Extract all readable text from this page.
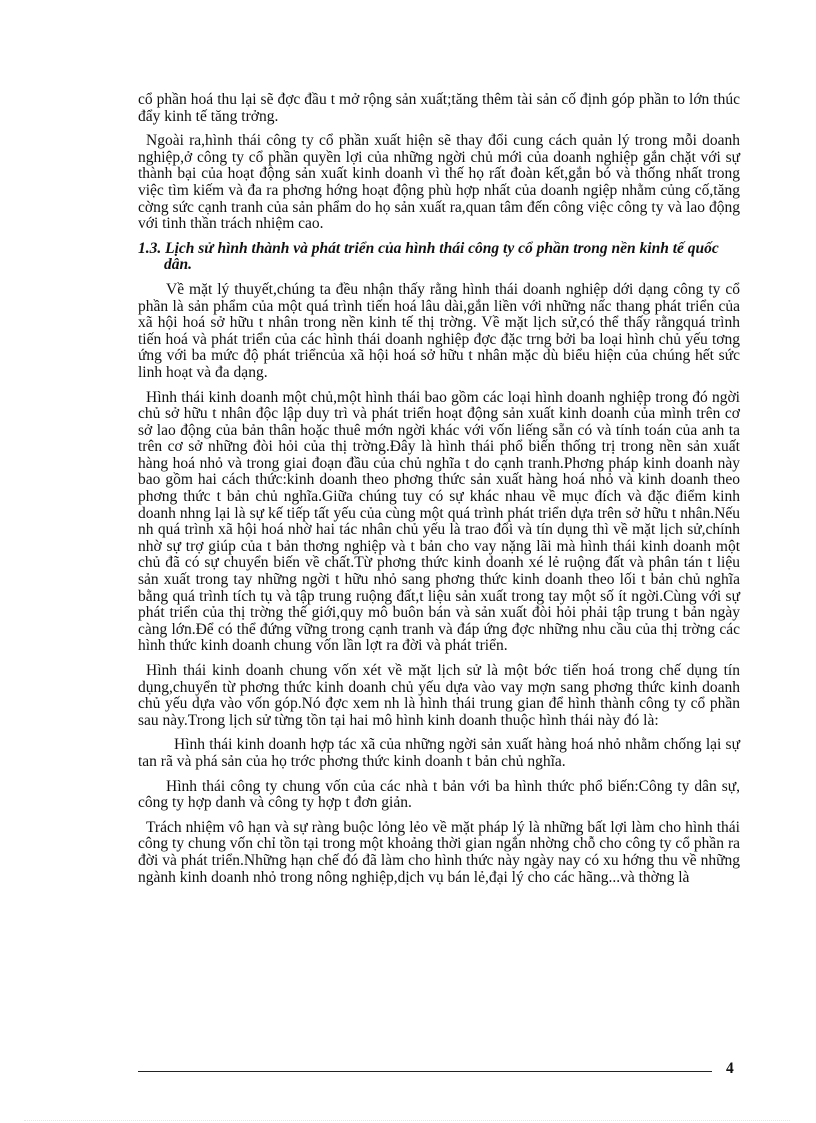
cổ phần hoá thu lại sẽ đợc đầu t mở rộng sản xuất;tăng thêm tài sản cố định góp phần to lớn thúc đẩy kinh tế tăng trởng.

Ngoài ra,hình thái công ty cổ phần xuất hiện sẽ thay đổi cung cách quản lý trong mỗi doanh nghiệp,ở công ty cổ phần quyền lợi của những ngời chủ mới của doanh nghiệp gắn chặt với sự thành bại của hoạt động sản xuất kinh doanh vì thế họ rất đoàn kết,gắn bó và thống nhất trong việc tìm kiếm và đa ra phơng hớng hoạt động phù hợp nhất của doanh ngiệp nhằm củng cố,tăng cờng sức cạnh tranh của sản phẩm do họ sản xuất ra,quan tâm đến công việc công ty và lao động với tinh thần trách nhiệm cao.

1.3. Lịch sử hình thành và phát triển của hình thái công ty cổ phần trong nền kinh tế quốc dân.

Về mặt lý thuyết,chúng ta đều nhận thấy rằng hình thái doanh nghiệp dới dạng công ty cổ phần là sản phẩm của một quá trình tiến hoá lâu dài,gắn liền với những nấc thang phát triển của xã hội hoá sở hữu t nhân trong nền kinh tế thị trờng. Về mặt lịch sử,có thể thấy rằngquá trình tiến hoá và phát triển của các hình thái doanh nghiệp đợc đặc trng bởi ba loại hình chủ yếu tơng ứng với ba mức độ phát triểncủa xã hội hoá sở hữu t nhân mặc dù biểu hiện của chúng hết sức linh hoạt và đa dạng.

Hình thái kinh doanh một chủ,một hình thái bao gồm các loại hình doanh nghiệp trong đó ngời chủ sở hữu t nhân độc lập duy trì và phát triển hoạt động sản xuất kinh doanh của mình trên cơ sở lao động của bản thân hoặc thuê mớn ngời khác với vốn liếng sẵn có và tính toán của anh ta trên cơ sở những đòi hỏi của thị trờng.Đây là hình thái phổ biến thống trị trong nền sản xuất hàng hoá nhỏ và trong giai đoạn đầu của chủ nghĩa t do cạnh tranh.Phơng pháp kinh doanh này bao gồm hai cách thức:kinh doanh theo phơng thức sản xuất hàng hoá nhỏ và kinh doanh theo phơng thức t bản chủ nghĩa.Giữa chúng tuy có sự khác nhau về mục đích và đặc điểm kinh doanh nhng lại là sự kế tiếp tất yếu của cùng một quá trình phát triển dựa trên sở hữu t nhân.Nếu nh quá trình xã hội hoá nhờ hai tác nhân chủ yếu là trao đổi và tín dụng thì về mặt lịch sử,chính nhờ sự trợ giúp của t bản thơng nghiệp và t bản cho vay nặng lãi mà hình thái kinh doanh một chủ đã có sự chuyển biến về chất.Từ phơng thức kinh doanh xé lẻ ruộng đất và phân tán t liệu sản xuất trong tay những ngời t hữu nhỏ sang phơng thức kinh doanh theo lối t bản chủ nghĩa bằng quá trình tích tụ và tập trung ruộng đất,t liệu sản xuất trong tay một số ít ngời.Cùng với sự phát triển của thị trờng thế giới,quy mô buôn bán và sản xuất đòi hỏi phải tập trung t bản ngày càng lớn.Để có thể đứng vững trong cạnh tranh và đáp ứng đợc những nhu cầu của thị trờng các hình thức kinh doanh chung vốn lần lợt ra đời và phát triển.

Hình thái kinh doanh chung vốn xét về mặt lịch sử là một bớc tiến hoá trong chế dụng tín dụng,chuyển từ phơng thức kinh doanh chủ yếu dựa vào vay mợn sang phơng thức kinh doanh chủ yếu dựa vào vốn góp.Nó đợc xem nh là hình thái trung gian để hình thành công ty cổ phần sau này.Trong lịch sử từng tồn tại hai mô hình kinh doanh thuộc hình thái này đó là:

Hình thái kinh doanh hợp tác xã của những ngời sản xuất hàng hoá nhỏ nhằm chống lại sự tan rã và phá sản của họ trớc phơng thức kinh doanh t bản chủ nghĩa.

Hình thái công ty chung vốn của các nhà t bản với ba hình thức phổ biến:Công ty dân sự, công ty hợp danh và công ty hợp t đơn giản.

Trách nhiệm vô hạn và sự ràng buộc lỏng lẻo về mặt pháp lý là những bất lợi làm cho hình thái công ty chung vốn chỉ tồn tại trong một khoảng thời gian ngắn nhờng chỗ cho công ty cổ phần ra đời và phát triển.Những hạn chế đó đã làm cho hình thức này ngày nay có xu hớng thu về những ngành kinh doanh nhỏ trong nông nghiệp,dịch vụ bán lẻ,đại lý cho các hãng...và thờng là

4
